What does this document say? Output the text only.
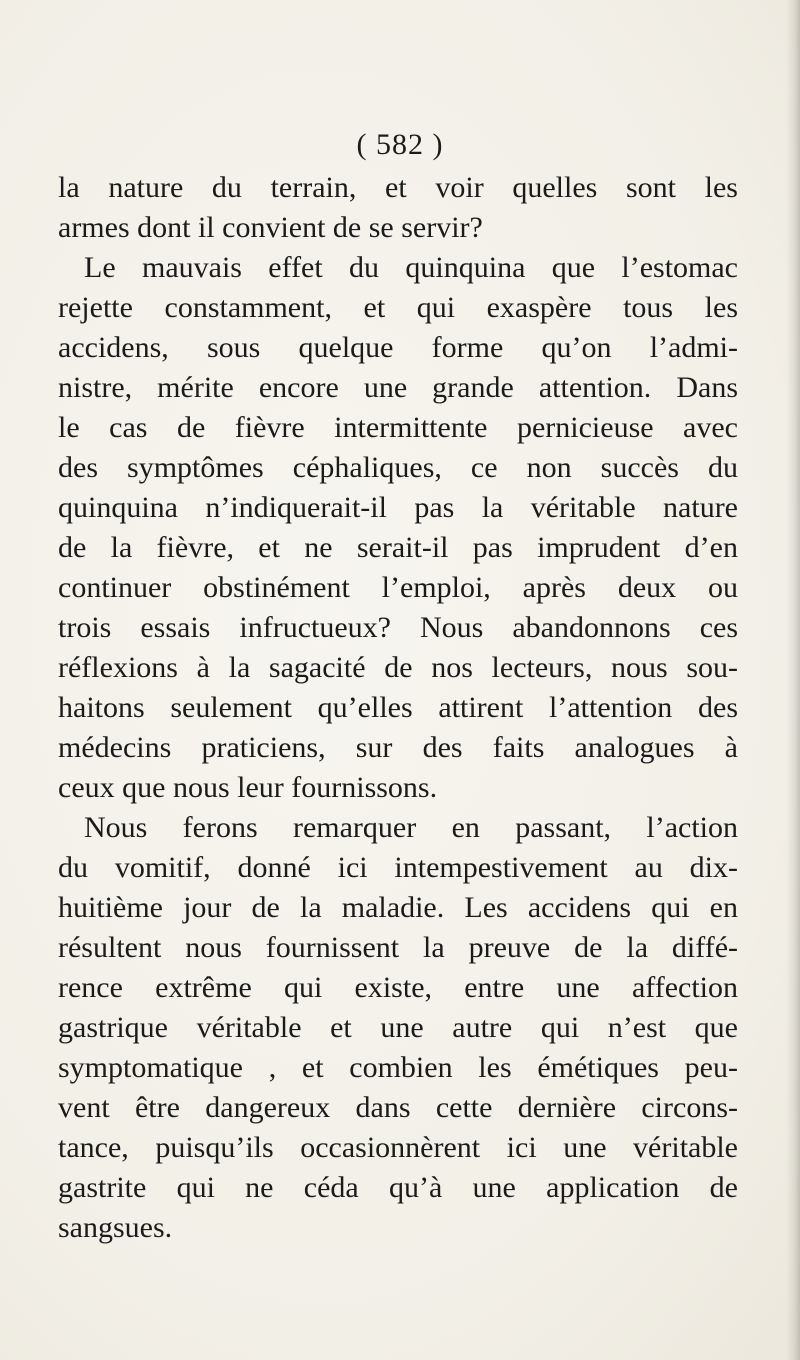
( 582 )
la nature du terrain, et voir quelles sont les
armes dont il convient de se servir?
Le mauvais effet du quinquina que l’estomac
rejette constamment, et qui exaspère tous les
accidens, sous quelque forme qu’on l’admi-
nistre, mérite encore une grande attention. Dans
le cas de fièvre intermittente pernicieuse avec
des symptômes céphaliques, ce non succès du
quinquina n’indiquerait-il pas la véritable nature
de la fièvre, et ne serait-il pas imprudent d’en
continuer obstinément l’emploi, après deux ou
trois essais infructueux? Nous abandonnons ces
réflexions à la sagacité de nos lecteurs, nous sou-
haitons seulement qu’elles attirent l’attention des
médecins praticiens, sur des faits analogues à
ceux que nous leur fournissons.
Nous ferons remarquer en passant, l’action
du vomitif, donné ici intempestivement au dix-
huitième jour de la maladie. Les accidens qui en
résultent nous fournissent la preuve de la diffé-
rence extrême qui existe, entre une affection
gastrique véritable et une autre qui n’est que
symptomatique , et combien les émétiques peu-
vent être dangereux dans cette dernière circons-
tance, puisqu’ils occasionnèrent ici une véritable
gastrite qui ne céda qu’à une application de
sangsues.
